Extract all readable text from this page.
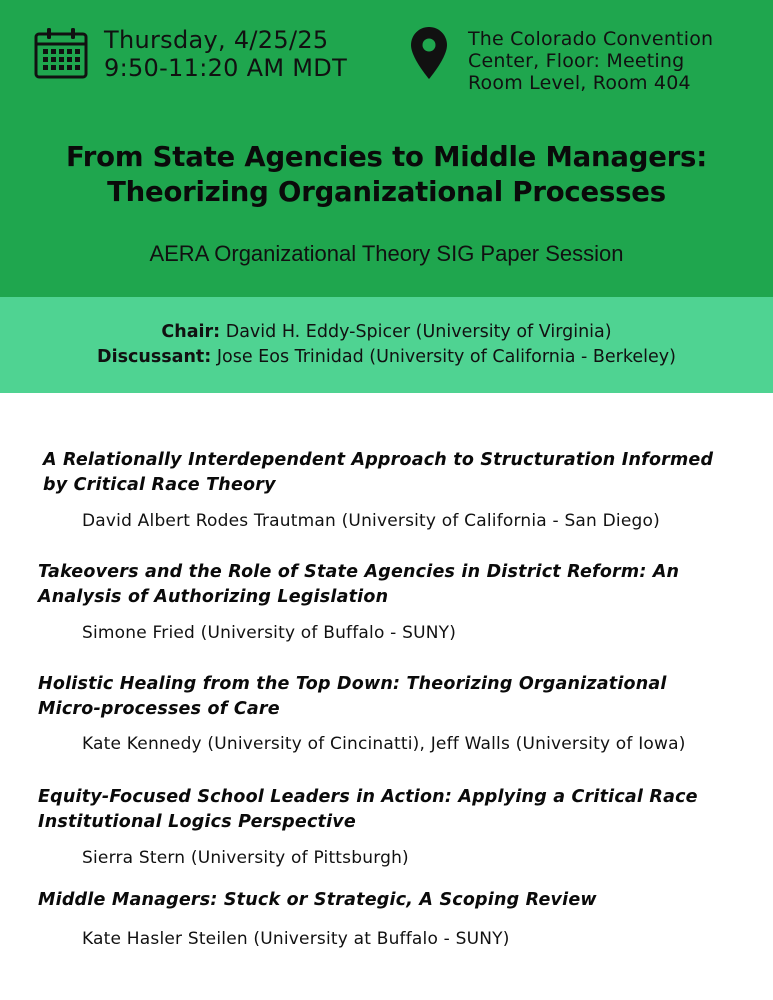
Thursday, 4/25/25
9:50-11:20 AM MDT
The Colorado Convention
Center, Floor: Meeting
Room Level, Room 404
From State Agencies to Middle Managers:
Theorizing Organizational Processes
AERA Organizational Theory SIG Paper Session
Chair: David H. Eddy-Spicer (University of Virginia)
Discussant: Jose Eos Trinidad (University of California - Berkeley)
A Relationally Interdependent Approach to Structuration Informed
by Critical Race Theory
David Albert Rodes Trautman (University of California - San Diego)
Takeovers and the Role of State Agencies in District Reform: An
Analysis of Authorizing Legislation
Simone Fried (University of Buffalo - SUNY)
Holistic Healing from the Top Down: Theorizing Organizational
Micro-processes of Care
Kate Kennedy (University of Cincinatti), Jeff Walls (University of Iowa)
Equity-Focused School Leaders in Action: Applying a Critical Race
Institutional Logics Perspective
Sierra Stern (University of Pittsburgh)
Middle Managers: Stuck or Strategic, A Scoping Review
Kate Hasler Steilen (University at Buffalo - SUNY)
